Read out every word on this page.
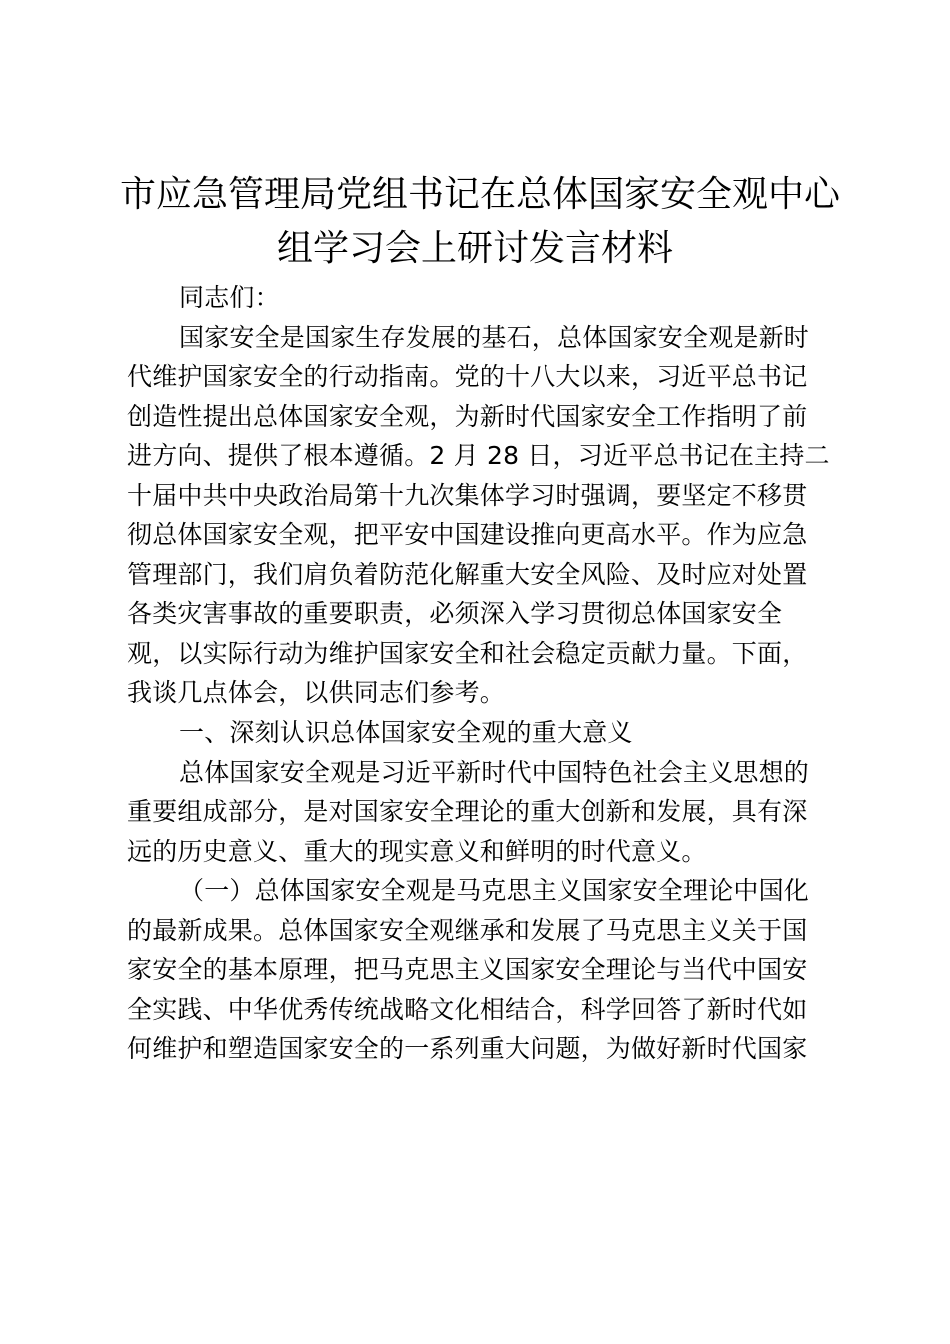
市应急管理局党组书记在总体国家安全观中心
组学习会上研讨发言材料
同志们：
国家安全是国家生存发展的基石，总体国家安全观是新时
代维护国家安全的行动指南。党的十八大以来，习近平总书记
创造性提出总体国家安全观，为新时代国家安全工作指明了前
进方向、提供了根本遵循。2 月 28 日，习近平总书记在主持二
十届中共中央政治局第十九次集体学习时强调，要坚定不移贯
彻总体国家安全观，把平安中国建设推向更高水平。作为应急
管理部门，我们肩负着防范化解重大安全风险、及时应对处置
各类灾害事故的重要职责，必须深入学习贯彻总体国家安全
观，以实际行动为维护国家安全和社会稳定贡献力量。下面，
我谈几点体会，以供同志们参考。
一、深刻认识总体国家安全观的重大意义
总体国家安全观是习近平新时代中国特色社会主义思想的
重要组成部分，是对国家安全理论的重大创新和发展，具有深
远的历史意义、重大的现实意义和鲜明的时代意义。
（一）总体国家安全观是马克思主义国家安全理论中国化
的最新成果。总体国家安全观继承和发展了马克思主义关于国
家安全的基本原理，把马克思主义国家安全理论与当代中国安
全实践、中华优秀传统战略文化相结合，科学回答了新时代如
何维护和塑造国家安全的一系列重大问题，为做好新时代国家
